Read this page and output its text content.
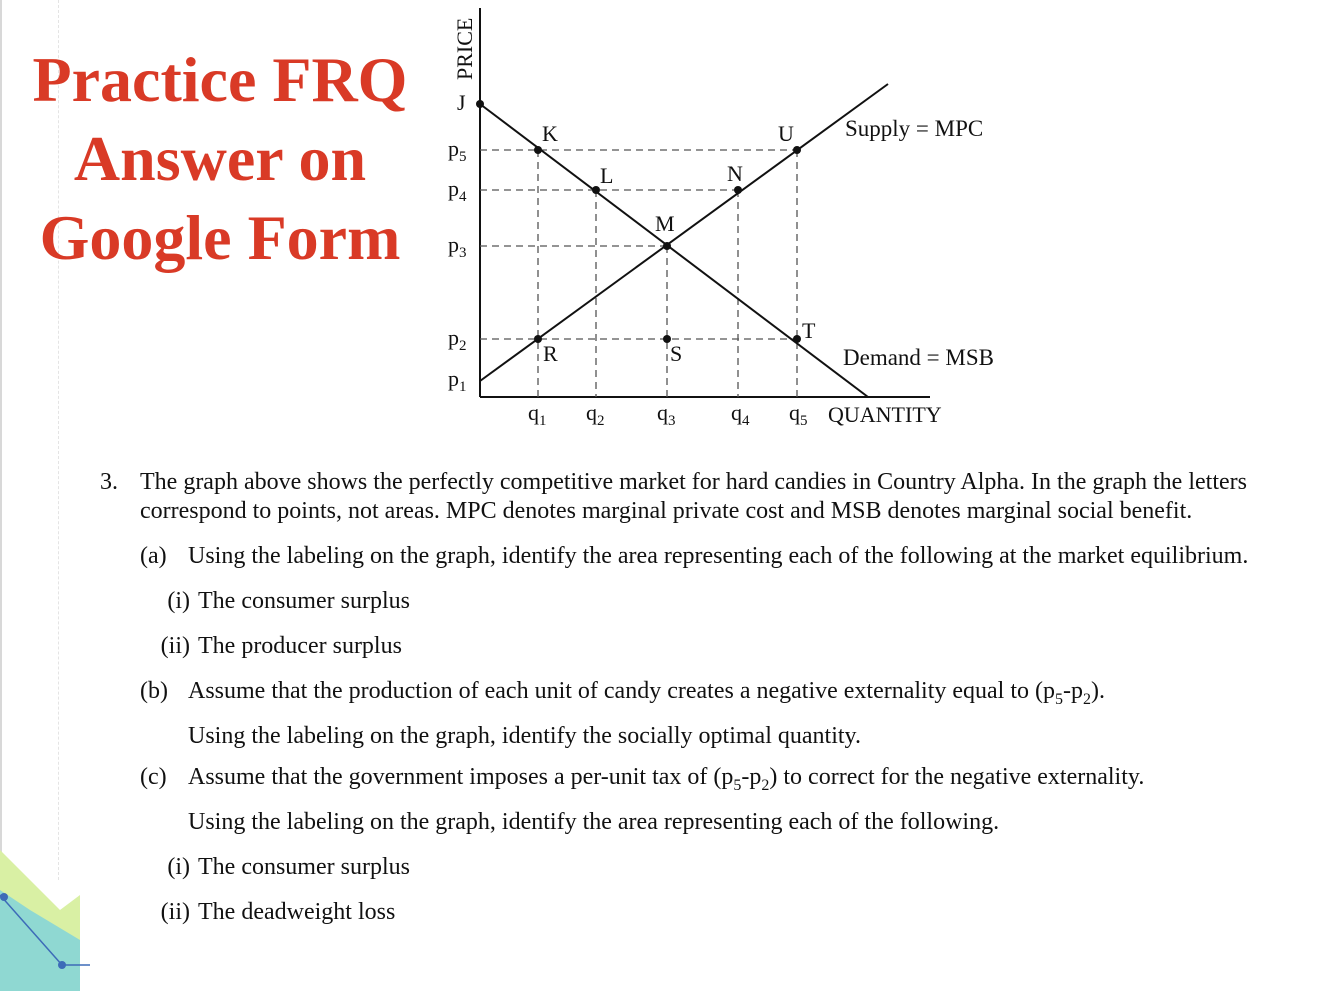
Practice FRQ
Answer on
Google Form
PRICE
J
$p_5$
$p_4$
$p_3$
$p_2$
$p_1$
$q_1$ $q_2$ $q_3$	$q_4$ $q_5$ QUANTITY
K
L
M
N
U
R	S
T
Supply = MPC
Demand = MSB
3. The graph above shows the perfectly competitive market for hard candies in Country Alpha. In the graph the letters correspond to points, not areas. MPC denotes marginal private cost and MSB denotes marginal social benefit.
(a) Using the labeling on the graph, identify the area representing each of the following at the market equilibrium.
(i) The consumer surplus
(ii) The producer surplus
(b) Assume that the production of each unit of candy creates a negative externality equal to $(p_5-p_2)$.
Using the labeling on the graph, identify the socially optimal quantity.
(c) Assume that the government imposes a per-unit tax of $(p_5-p_2)$ to correct for the negative externality.
Using the labeling on the graph, identify the area representing each of the following.
(i) The consumer surplus
(ii) The deadweight loss
